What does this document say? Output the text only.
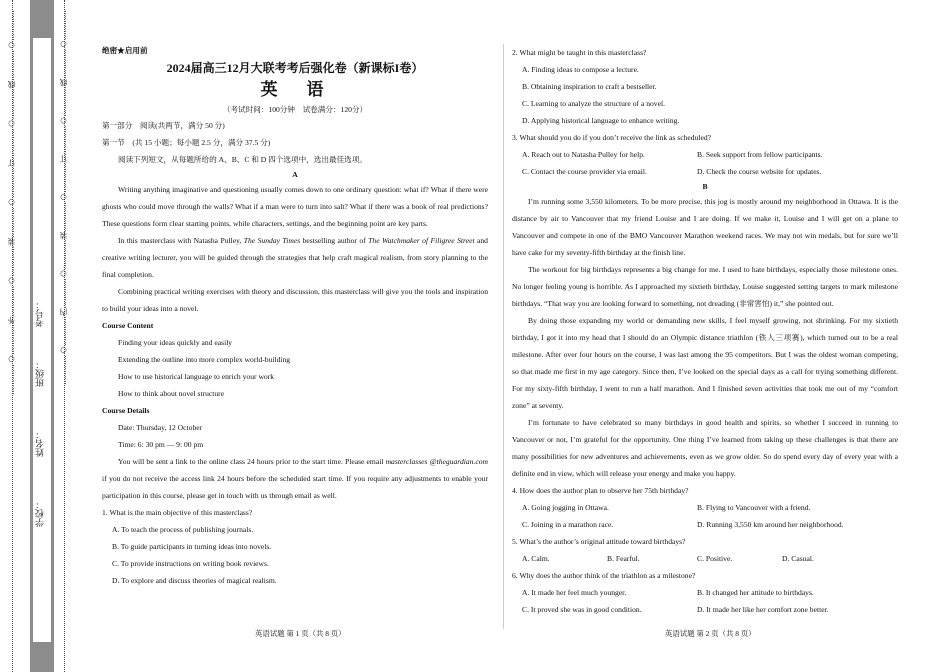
…………○…………外…………○…………装…………○…………订…………○…………线…………○………… 考号：
班级：
姓名：
学校：
…………○…………内…………○…………装…………○…………订…………○…………线…………○…………	绝密★启用前

2024届高三12月大联考考后强化卷（新课标I卷）

英　语

（考试时间：100分钟　试卷满分：120分）

第一部分　阅读(共两节，满分 50 分)

第一节　(共 15 小题；每小题 2.5 分，满分 37.5 分)

阅读下列短文，从每题所给的 A、B、C 和 D 四个选项中，选出最佳选项。

A

Writing anything imaginative and questioning usually comes down to one ordinary question: what if? What if there were ghosts who could move through the walls? What if a man were to turn into salt? What if there was a book of real predictions? These questions form clear starting points, while characters, settings, and the beginning point are key parts.

In this masterclass with Natasha Pulley, The Sunday Times bestselling author of The Watchmaker of Filigree Street and creative writing lecturer, you will be guided through the strategies that help craft magical realism, from story planning to the final completion.

Combining practical writing exercises with theory and discussion, this masterclass will give you the tools and inspiration to build your ideas into a novel.

Course Content

Finding your ideas quickly and easily

Extending the outline into more complex world-building

How to use historical language to enrich your work

How to think about novel structure

Course Details

Date: Thursday, 12 October

Time: 6: 30 pm — 9: 00 pm

You will be sent a link to the online class 24 hours prior to the start time. Please email masterclasses @theguardian.com if you do not receive the access link 24 hours before the scheduled start time. If you require any adjustments to enable your participation in this course, please get in touch with us through email as well.

1. What is the main objective of this masterclass?

A. To teach the process of publishing journals.

B. To guide participants in turning ideas into novels.

C. To provide instructions on writing book reviews.

D. To explore and discuss theories of magical realism.

2. What might be taught in this masterclass?

A. Finding ideas to compose a lecture.

B. Obtaining inspiration to craft a bestseller.

C. Learning to analyze the structure of a novel.

D. Applying historical language to enhance writing.

3. What should you do if you don’t receive the link as scheduled?

A. Reach out to Natasha Pulley for help.	B. Seek support from fellow participants.
C. Contact the course provider via email.	D. Check the course website for updates.

B

I’m running some 3,550 kilometers. To be more precise, this jog is mostly around my neighborhood in Ottawa. It is the distance by air to Vancouver that my friend Louise and I are doing. If we make it, Louise and I will get on a plane to Vancouver and compete in one of the BMO Vancouver Marathon weekend races. We may not win medals, but for sure we’ll have cake for my seventy-fifth birthday at the finish line.

The workout for big birthdays represents a big change for me. I used to hate birthdays, especially those milestone ones. No longer feeling young is horrible. As I approached my sixtieth birthday, Louise suggested setting targets to mark milestone birthdays. “That way you are looking forward to something, not dreading (非常害怕) it,” she pointed out.

By doing those expanding my world or demanding new skills, I feel myself growing, not shrinking. For my sixtieth birthday, I got it into my head that I should do an Olympic distance triathlon (铁人三项赛), which turned out to be a real milestone. After over four hours on the course, I was last among the 95 competitors. But I was the oldest woman competing, so that made me first in my age category. Since then, I’ve looked on the special days as a call for trying something different. For my sixty-fifth birthday, I went to run a half marathon. And I finished seven activities that took me out of my “comfort zone” at seventy.

I’m fortunate to have celebrated so many birthdays in good health and spirits, so whether I succeed in running to Vancouver or not, I’m grateful for the opportunity. One thing I’ve learned from taking up these challenges is that there are many possibilities for new adventures and achievements, even as we grow older. So do spend every day of every year with a definite end in view, which will release your energy and make you happy.

4. How does the author plan to observe her 75th birthday?

A. Going jogging in Ottawa.	B. Flying to Vancouver with a friend.
C. Joining in a marathon race.	D. Running 3,550 km around her neighborhood.

5. What’s the author’s original attitude toward birthdays?

A. Calm.	B. Fearful.	C. Positive.	D. Casual.

6. Why does the author think of the triathlon as a milestone?

A. It made her feel much younger.	B. It changed her attitude to birthdays.
C. It proved she was in good condition.	D. It made her like her comfort zone better.
英语试题 第 1 页（共 8 页）	英语试题 第 2 页（共 8 页）
